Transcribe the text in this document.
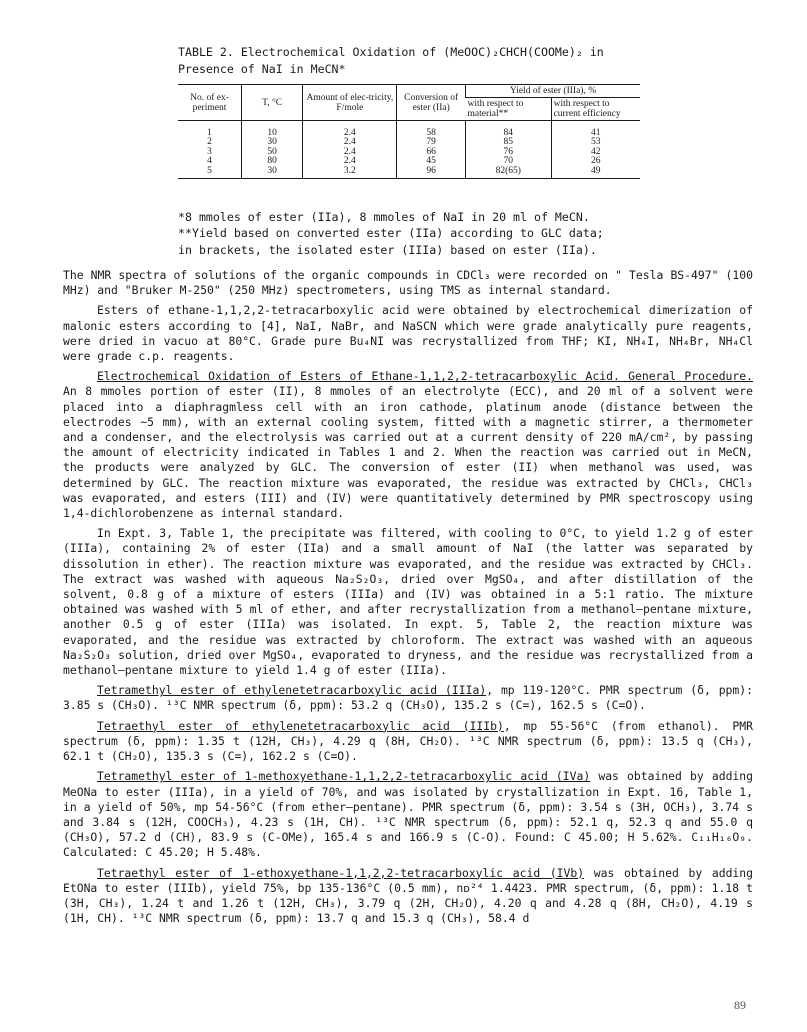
TABLE 2. Electrochemical Oxidation of (MeOOC)₂CHCH(COOMe)₂ in
Presence of NaI in MeCN*
No. of ex-periment	T, °C	Amount of elec-tricity, F/mole	Conversion of ester (IIa)	Yield of ester (IIIa), %	
				with respect to material**	with respect to current efficiency
1	10	2.4	58	84	41
2	30	2.4	79	85	53
3	50	2.4	66	76	42
4	80	2.4	45	70	26
5	30	3.2	96	82(65)	49
*8 mmoles of ester (IIa), 8 mmoles of NaI in 20 ml of MeCN.
**Yield based on converted ester (IIa) according to GLC data;
in brackets, the isolated ester (IIIa) based on ester (IIa).

The NMR spectra of solutions of the organic compounds in CDCl₃ were recorded on " Tesla BS-497" (100 MHz) and "Bruker M-250" (250 MHz) spectrometers, using TMS as internal standard.

Esters of ethane-1,1,2,2-tetracarboxylic acid were obtained by electrochemical dimerization of malonic esters according to [4], NaI, NaBr, and NaSCN which were grade analytically pure reagents, were dried in vacuo at 80°C. Grade pure Bu₄NI was recrystallized from THF; KI, NH₄I, NH₄Br, NH₄Cl were grade c.p. reagents.

Electrochemical Oxidation of Esters of Ethane-1,1,2,2-tetracarboxylic Acid. General Procedure. An 8 mmoles portion of ester (II), 8 mmoles of an electrolyte (ECC), and 20 ml of a solvent were placed into a diaphragmless cell with an iron cathode, platinum anode (distance between the electrodes ~5 mm), with an external cooling system, fitted with a magnetic stirrer, a thermometer and a condenser, and the electrolysis was carried out at a current density of 220 mA/cm², by passing the amount of electricity indicated in Tables 1 and 2. When the reaction was carried out in MeCN, the products were analyzed by GLC. The conversion of ester (II) when methanol was used, was determined by GLC. The reaction mixture was evaporated, the residue was extracted by CHCl₃, CHCl₃ was evaporated, and esters (III) and (IV) were quantitatively determined by PMR spectroscopy using 1,4-dichlorobenzene as internal standard.

In Expt. 3, Table 1, the precipitate was filtered, with cooling to 0°C, to yield 1.2 g of ester (IIIa), containing 2% of ester (IIa) and a small amount of NaI (the latter was separated by dissolution in ether). The reaction mixture was evaporated, and the residue was extracted by CHCl₃. The extract was washed with aqueous Na₂S₂O₃, dried over MgSO₄, and after distillation of the solvent, 0.8 g of a mixture of esters (IIIa) and (IV) was obtained in a 5:1 ratio. The mixture obtained was washed with 5 ml of ether, and after recrystallization from a methanol–pentane mixture, another 0.5 g of ester (IIIa) was isolated. In expt. 5, Table 2, the reaction mixture was evaporated, and the residue was extracted by chloroform. The extract was washed with an aqueous Na₂S₂O₃ solution, dried over MgSO₄, evaporated to dryness, and the residue was recrystallized from a methanol–pentane mixture to yield 1.4 g of ester (IIIa).

Tetramethyl ester of ethylenetetracarboxylic acid (IIIa), mp 119-120°C. PMR spectrum (δ, ppm): 3.85 s (CH₃O). ¹³C NMR spectrum (δ, ppm): 53.2 q (CH₃O), 135.2 s (C=), 162.5 s (C=O).

Tetraethyl ester of ethylenetetracarboxylic acid (IIIb), mp 55-56°C (from ethanol). PMR spectrum (δ, ppm): 1.35 t (12H, CH₃), 4.29 q (8H, CH₂O). ¹³C NMR spectrum (δ, ppm): 13.5 q (CH₃), 62.1 t (CH₂O), 135.3 s (C=), 162.2 s (C=O).

Tetramethyl ester of 1-methoxyethane-1,1,2,2-tetracarboxylic acid (IVa) was obtained by adding MeONa to ester (IIIa), in a yield of 70%, and was isolated by crystallization in Expt. 16, Table 1, in a yield of 50%, mp 54-56°C (from ether–pentane). PMR spectrum (δ, ppm): 3.54 s (3H, OCH₃), 3.74 s and 3.84 s (12H, COOCH₃), 4.23 s (1H, CH). ¹³C NMR spectrum (δ, ppm): 52.1 q, 52.3 q and 55.0 q (CH₃O), 57.2 d (CH), 83.9 s (C-OMe), 165.4 s and 166.9 s (C-O). Found: C 45.00; H 5.62%. C₁₁H₁₆O₉. Calculated: C 45.20; H 5.48%.

Tetraethyl ester of 1-ethoxyethane-1,1,2,2-tetracarboxylic acid (IVb) was obtained by adding EtONa to ester (IIIb), yield 75%, bp 135-136°C (0.5 mm), nᴅ²⁴ 1.4423. PMR spectrum, (δ, ppm): 1.18 t (3H, CH₃), 1.24 t and 1.26 t (12H, CH₃), 3.79 q (2H, CH₂O), 4.20 q and 4.28 q (8H, CH₂O), 4.19 s (1H, CH). ¹³C NMR spectrum (δ, ppm): 13.7 q and 15.3 q (CH₃), 58.4 d

89
